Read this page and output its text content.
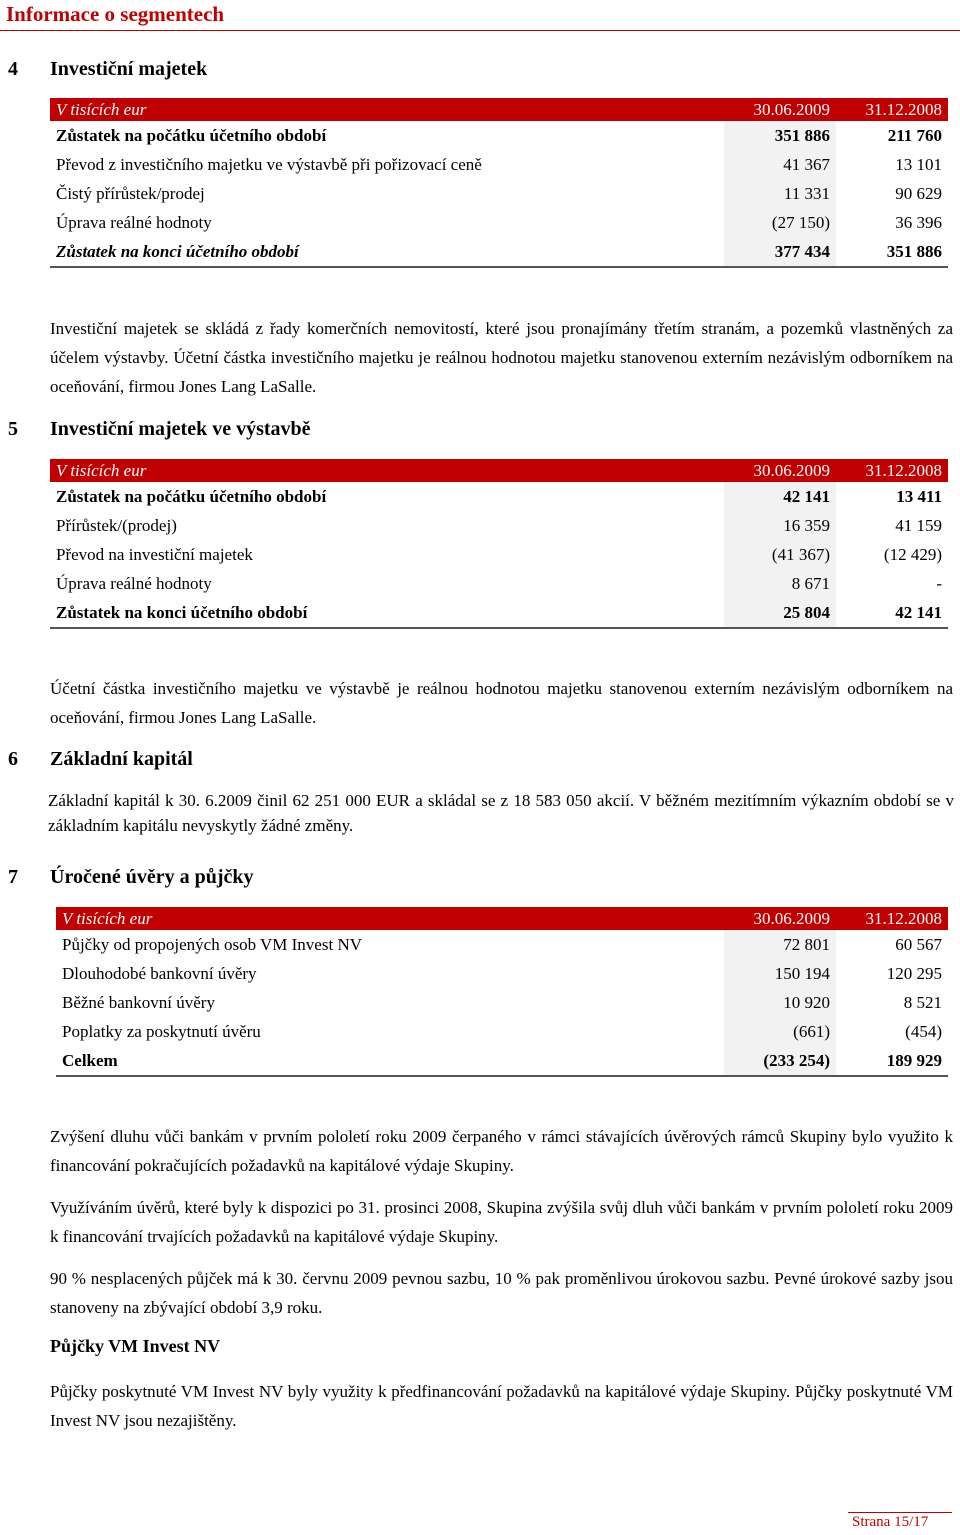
Informace o segmentech
4 Investiční majetek
V tisících eur	30.06.2009	31.12.2008
Zůstatek na počátku účetního období	351 886	211 760
Převod z investičního majetku ve výstavbě při pořizovací ceně	41 367	13 101
Čistý přírůstek/prodej	11 331	90 629
Úprava reálné hodnoty	(27 150)	36 396
Zůstatek na konci účetního období	377 434	351 886
Investiční majetek se skládá z řady komerčních nemovitostí, které jsou pronajímány třetím stranám, a pozemků vlastněných za účelem výstavby. Účetní částka investičního majetku je reálnou hodnotou majetku stanovenou externím nezávislým odborníkem na oceňování, firmou Jones Lang LaSalle.
5 Investiční majetek ve výstavbě
V tisících eur	30.06.2009	31.12.2008
Zůstatek na počátku účetního období	42 141	13 411
Přírůstek/(prodej)	16 359	41 159
Převod na investiční majetek	(41 367)	(12 429)
Úprava reálné hodnoty	8 671	-
Zůstatek na konci účetního období	25 804	42 141
Účetní částka investičního majetku ve výstavbě je reálnou hodnotou majetku stanovenou externím nezávislým odborníkem na oceňování, firmou Jones Lang LaSalle.
6 Základní kapitál
Základní kapitál k 30. 6.2009 činil 62 251 000 EUR a skládal se z 18 583 050 akcií. V běžném mezitímním výkazním období se v základním kapitálu nevyskytly žádné změny.
7 Úročené úvěry a půjčky
V tisících eur	30.06.2009	31.12.2008
Půjčky od propojených osob VM Invest NV	72 801	60 567
Dlouhodobé bankovní úvěry	150 194	120 295
Běžné bankovní úvěry	10 920	8 521
Poplatky za poskytnutí úvěru	(661)	(454)
Celkem	(233 254)	189 929
Zvýšení dluhu vůči bankám v prvním pololetí roku 2009 čerpaného v rámci stávajících úvěrových rámců Skupiny bylo využito k financování pokračujících požadavků na kapitálové výdaje Skupiny.
Využíváním úvěrů, které byly k dispozici po 31. prosinci 2008, Skupina zvýšila svůj dluh vůči bankám v prvním pololetí roku 2009 k financování trvajících požadavků na kapitálové výdaje Skupiny.
90 % nesplacených půjček má k 30. červnu 2009 pevnou sazbu, 10 % pak proměnlivou úrokovou sazbu. Pevné úrokové sazby jsou stanoveny na zbývající období 3,9 roku.
Půjčky VM Invest NV
Půjčky poskytnuté VM Invest NV byly využity k předfinancování požadavků na kapitálové výdaje Skupiny. Půjčky poskytnuté VM Invest NV jsou nezajištěny.
Strana 15/17
